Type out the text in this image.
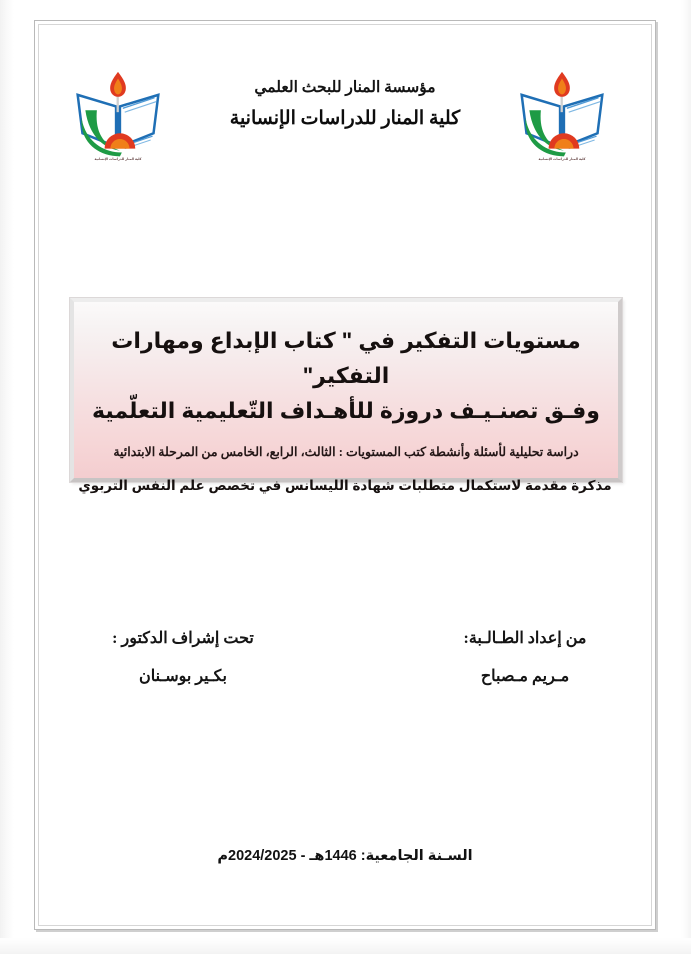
كلية المنار للدراسات الإنسانية	كلية المنار للدراسات الإنسانية
مؤسسة المنار للبحث العلمي
كلية المنار للدراسات الإنسانية
مستويات التفكير في " كتاب الإبداع ومهارات التفكير"
وفـق تصنـيـف دروزة للأهـداف التّعليمية التعلّمية
دراسة تحليلية لأسئلة وأنشطة كتب المستويات : الثالث، الرابع، الخامس من المرحلة الابتدائية
مذكرة مقدمة لاستكمال متطلبات شهادة الليسانس في تخصص علم النفس التربوي
من إعداد الطـالـبة:
مـريم مـصباح
تحت إشراف الدكتور :
بكـير بوسـنان
السـنة الجامعية: 1446هـ - 2024/2025م
